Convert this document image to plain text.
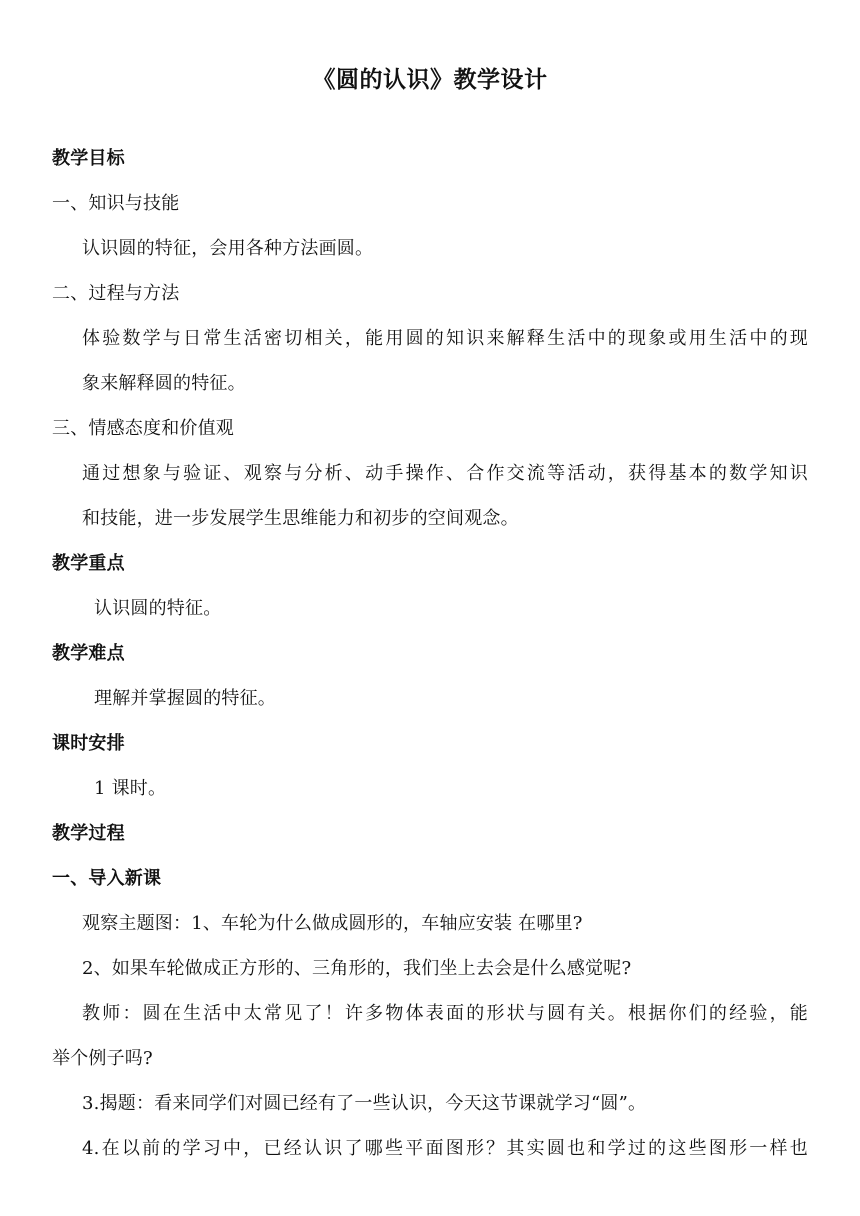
《圆的认识》教学设计
教学目标
一、知识与技能
认识圆的特征，会用各种方法画圆。
二、过程与方法
体验数学与日常生活密切相关，能用圆的知识来解释生活中的现象或用生活中的现
象来解释圆的特征。
三、情感态度和价值观
通过想象与验证、观察与分析、动手操作、合作交流等活动，获得基本的数学知识
和技能，进一步发展学生思维能力和初步的空间观念。
教学重点
认识圆的特征。
教学难点
理解并掌握圆的特征。
课时安排
1 课时。
教学过程
一、导入新课
观察主题图：1、车轮为什么做成圆形的，车轴应安装 在哪里?
2、如果车轮做成正方形的、三角形的，我们坐上去会是什么感觉呢?
教师：圆在生活中太常见了！许多物体表面的形状与圆有关。根据你们的经验，能
举个例子吗?
3.揭题：看来同学们对圆已经有了一些认识，今天这节课就学习“圆”。
4.在以前的学习中，已经认识了哪些平面图形？其实圆也和学过的这些图形一样也
